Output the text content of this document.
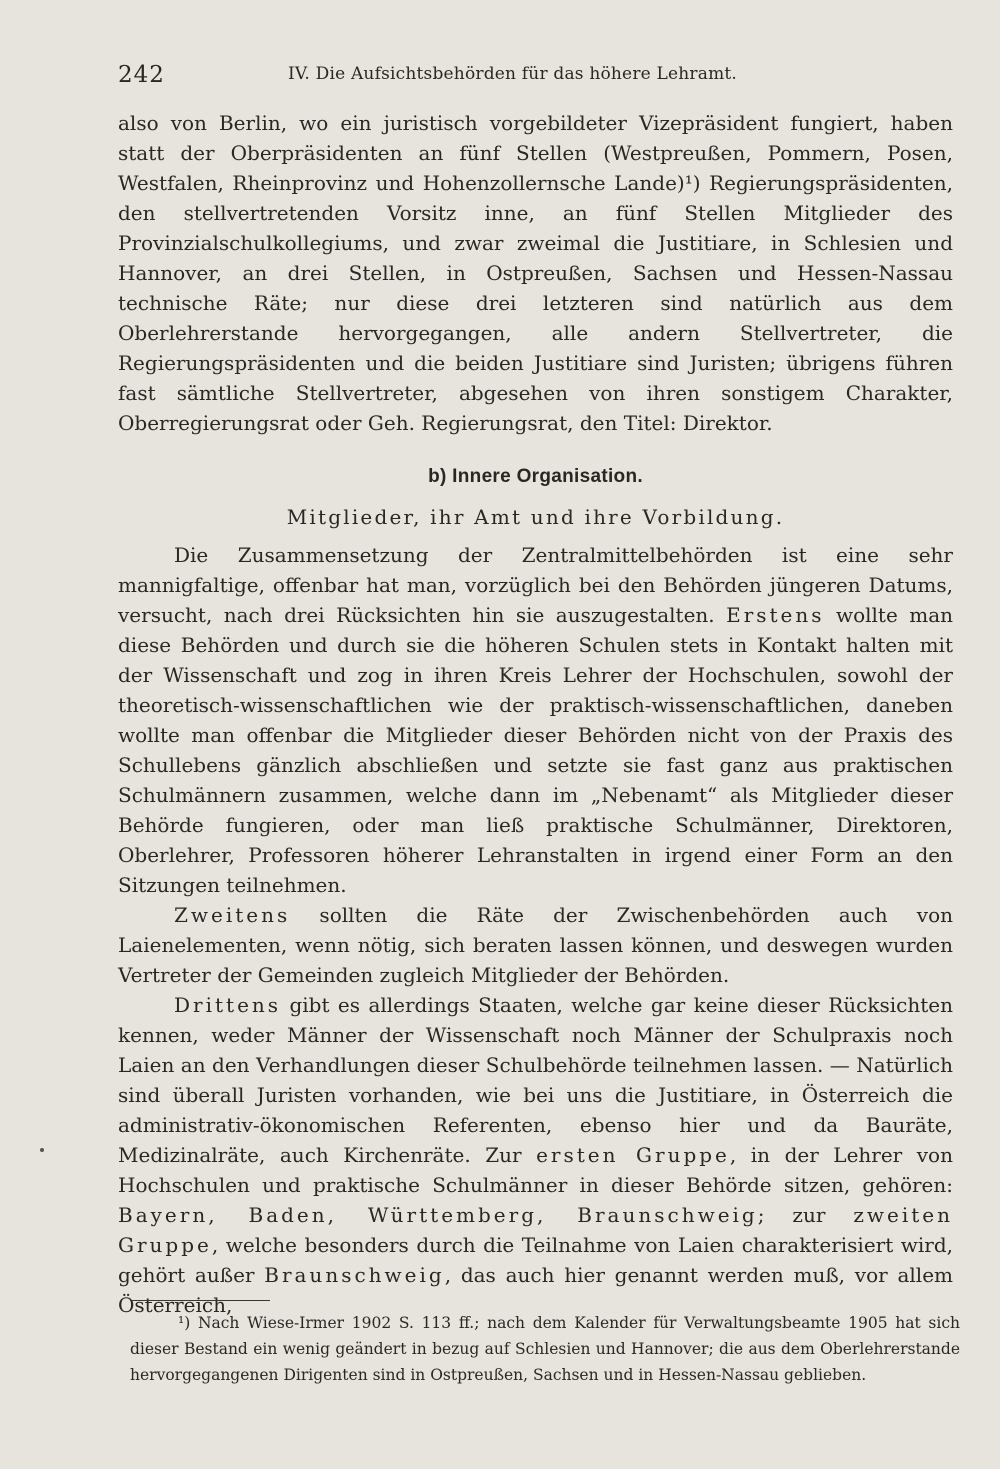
242	IV. Die Aufsichtsbehörden für das höhere Lehramt.

also von Berlin, wo ein juristisch vorgebildeter Vizepräsident fungiert, haben statt der Oberpräsidenten an fünf Stellen (Westpreußen, Pommern, Posen, Westfalen, Rheinprovinz und Hohenzollernsche Lande)¹) Regierungspräsidenten, den stellvertretenden Vorsitz inne, an fünf Stellen Mitglieder des Provinzialschulkollegiums, und zwar zweimal die Justitiare, in Schlesien und Hannover, an drei Stellen, in Ostpreußen, Sachsen und Hessen-Nassau technische Räte; nur diese drei letzteren sind natürlich aus dem Oberlehrerstande hervorgegangen, alle andern Stellvertreter, die Regierungspräsidenten und die beiden Justitiare sind Juristen; übrigens führen fast sämtliche Stellvertreter, abgesehen von ihren sonstigem Charakter, Oberregierungsrat oder Geh. Regierungsrat, den Titel: Direktor.

b) Innere Organisation.
Mitglieder, ihr Amt und ihre Vorbildung.

Die Zusammensetzung der Zentralmittelbehörden ist eine sehr mannigfaltige, offenbar hat man, vorzüglich bei den Behörden jüngeren Datums, versucht, nach drei Rücksichten hin sie auszugestalten. Erstens wollte man diese Behörden und durch sie die höheren Schulen stets in Kontakt halten mit der Wissenschaft und zog in ihren Kreis Lehrer der Hochschulen, sowohl der theoretisch-wissenschaftlichen wie der praktisch-wissenschaftlichen, daneben wollte man offenbar die Mitglieder dieser Behörden nicht von der Praxis des Schullebens gänzlich abschließen und setzte sie fast ganz aus praktischen Schulmännern zusammen, welche dann im „Nebenamt“ als Mitglieder dieser Behörde fungieren, oder man ließ praktische Schulmänner, Direktoren, Oberlehrer, Professoren höherer Lehranstalten in irgend einer Form an den Sitzungen teilnehmen.

Zweitens sollten die Räte der Zwischenbehörden auch von Laienelementen, wenn nötig, sich beraten lassen können, und deswegen wurden Vertreter der Gemeinden zugleich Mitglieder der Behörden.

Drittens gibt es allerdings Staaten, welche gar keine dieser Rücksichten kennen, weder Männer der Wissenschaft noch Männer der Schulpraxis noch Laien an den Verhandlungen dieser Schulbehörde teilnehmen lassen. — Natürlich sind überall Juristen vorhanden, wie bei uns die Justitiare, in Österreich die administrativ-ökonomischen Referenten, ebenso hier und da Bauräte, Medizinalräte, auch Kirchenräte. Zur ersten Gruppe, in der Lehrer von Hochschulen und praktische Schulmänner in dieser Behörde sitzen, gehören: Bayern, Baden, Württemberg, Braunschweig; zur zweiten Gruppe, welche besonders durch die Teilnahme von Laien charakterisiert wird, gehört außer Braunschweig, das auch hier genannt werden muß, vor allem Österreich,

¹) Nach Wiese-Irmer 1902 S. 113 ff.; nach dem Kalender für Verwaltungsbeamte 1905 hat sich dieser Bestand ein wenig geändert in bezug auf Schlesien und Hannover; die aus dem Oberlehrerstande hervorgegangenen Dirigenten sind in Ostpreußen, Sachsen und in Hessen-Nassau geblieben.
